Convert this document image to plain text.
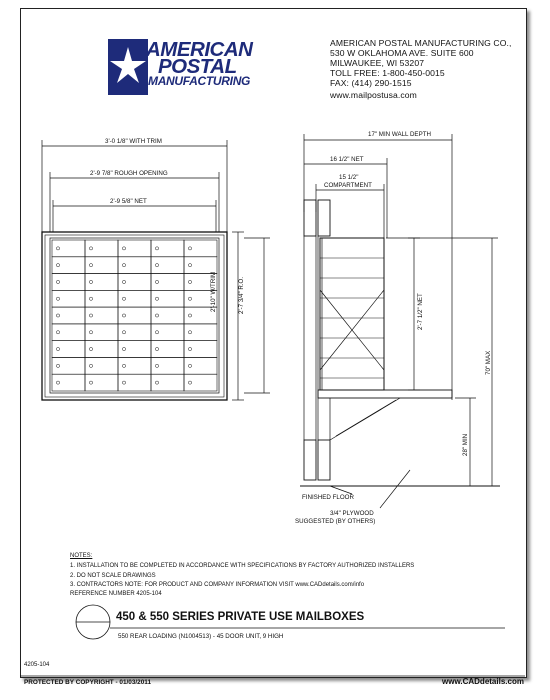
AMERICAN
POSTAL
MANUFACTURING
AMERICAN POSTAL MANUFACTURING CO.,
530 W OKLAHOMA AVE. SUITE 600
MILWAUKEE, WI 53207
TOLL FREE: 1-800-450-0015
FAX: (414) 290-1515
www.mailpostusa.com
3'-0 1/8" WITH TRIM
2'-9 7/8" ROUGH OPENING
2'-9 5/8" NET
2'-10" W/TRIM	2'-7 3/4" R.O.
17" MIN WALL DEPTH
16 1/2" NET
15 1/2"
COMPARTMENT
2'-7 1/2" NET
70" MAX
28" MIN
FINISHED FLOOR
3/4" PLYWOOD
SUGGESTED (BY OTHERS)
NOTES:
1. INSTALLATION TO BE COMPLETED IN ACCORDANCE WITH SPECIFICATIONS BY FACTORY AUTHORIZED INSTALLERS
2. DO NOT SCALE DRAWINGS
3. CONTRACTORS NOTE: FOR PRODUCT AND COMPANY INFORMATION VISIT www.CADdetails.com/info
REFERENCE NUMBER 4205-104
450 & 550 SERIES PRIVATE USE MAILBOXES
550 REAR LOADING (N1004513) - 45 DOOR UNIT, 9 HIGH
4205-104
PROTECTED BY COPYRIGHT - 01/03/2011	www.CADdetails.com
